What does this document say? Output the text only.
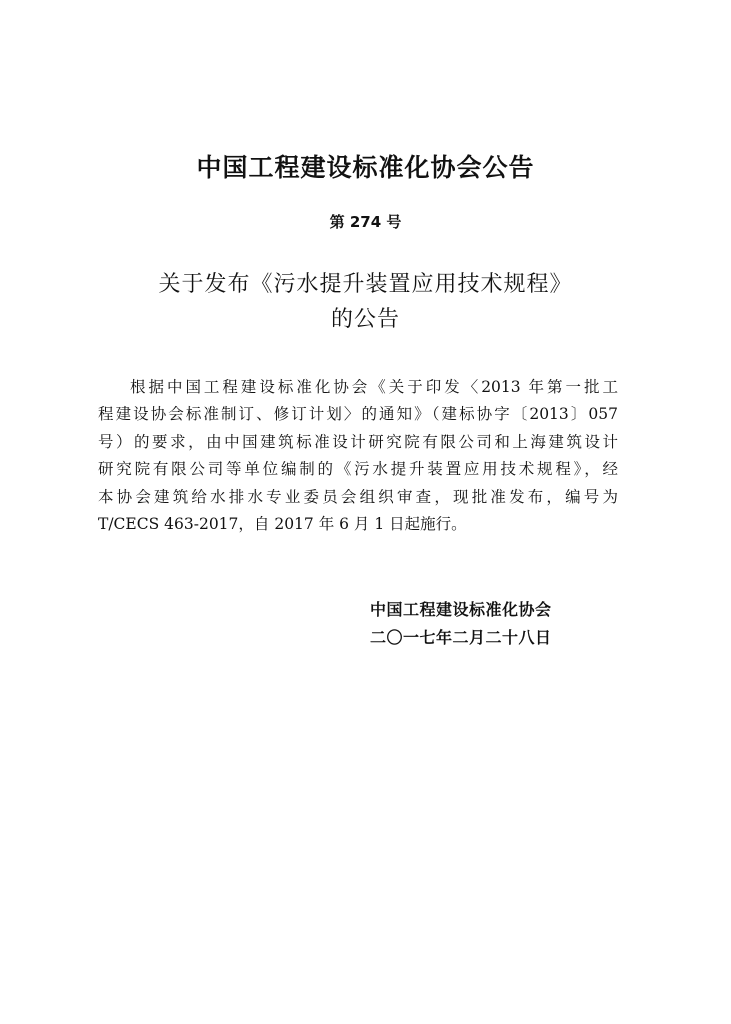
中国工程建设标准化协会公告
第 274 号
关于发布《污水提升装置应用技术规程》
的公告
根据中国工程建设标准化协会《关于印发〈2013 年第一批工
程建设协会标准制订、修订计划〉的通知》（建标协字〔2013〕057
号）的要求，由中国建筑标准设计研究院有限公司和上海建筑设计
研究院有限公司等单位编制的《污水提升装置应用技术规程》，经
本协会建筑给水排水专业委员会组织审查，现批准发布，编号为
T/CECS 463-2017，自 2017 年 6 月 1 日起施行。
中国工程建设标准化协会
二〇一七年二月二十八日
